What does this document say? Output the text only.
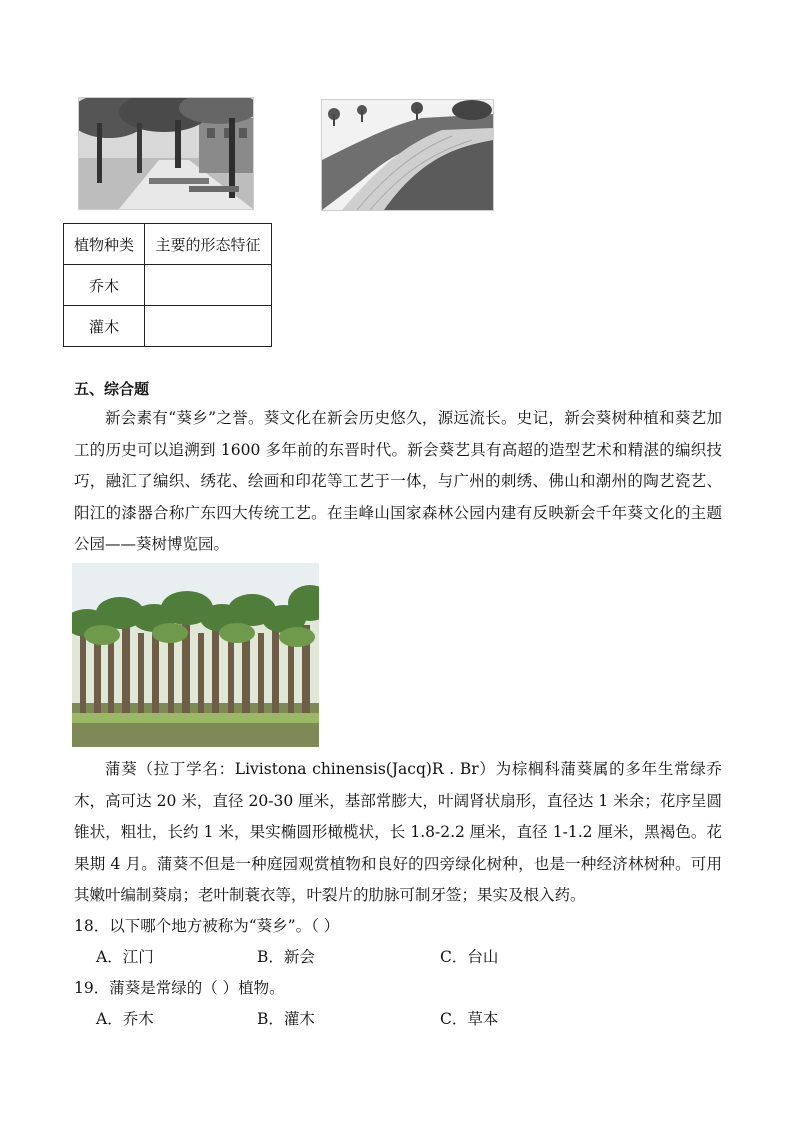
植物种类	主要的形态特征
乔木	
灌木	
五、综合题

新会素有“葵乡”之誉。葵文化在新会历史悠久，源远流长。史记，新会葵树种植和葵艺加工的历史可以追溯到 1600 多年前的东晋时代。新会葵艺具有高超的造型艺术和精湛的编织技巧，融汇了编织、绣花、绘画和印花等工艺于一体，与广州的刺绣、佛山和潮州的陶艺瓷艺、阳江的漆器合称广东四大传统工艺。在圭峰山国家森林公园内建有反映新会千年葵文化的主题公园——葵树博览园。

蒲葵（拉丁学名：Livistona chinensis(Jacq)R . Br）为棕榈科蒲葵属的多年生常绿乔木，高可达 20 米，直径 20-30 厘米，基部常膨大，叶阔肾状扇形，直径达 1 米余；花序呈圆锥状，粗壮，长约 1 米，果实椭圆形橄榄状，长 1.8-2.2 厘米，直径 1-1.2 厘米，黑褐色。花果期 4 月。蒲葵不但是一种庭园观赏植物和良好的四旁绿化树种，也是一种经济林树种。可用其嫩叶编制葵扇；老叶制蓑衣等，叶裂片的肋脉可制牙签；果实及根入药。

18．以下哪个地方被称为“葵乡”。（ ）
A．江门	B．新会	C．台山
19．蒲葵是常绿的（ ）植物。
A．乔木	B．灌木	C．草本
